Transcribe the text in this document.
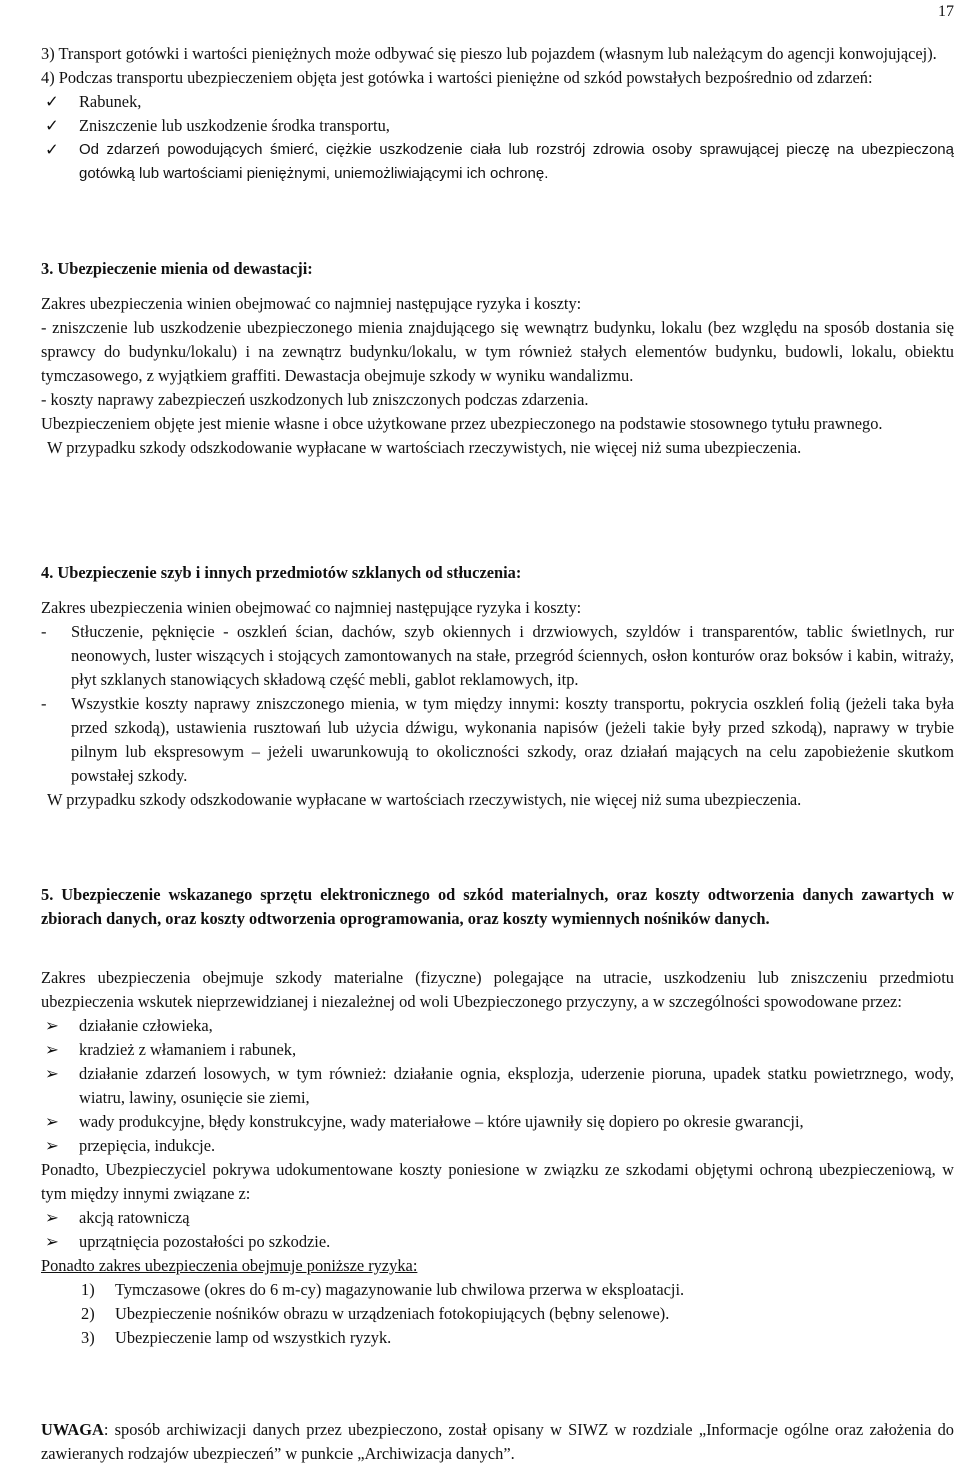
17

3) Transport gotówki i wartości pieniężnych może odbywać się pieszo lub pojazdem (własnym lub należącym do agencji konwojującej).

4) Podczas transportu ubezpieczeniem objęta jest gotówka i wartości pieniężne od szkód powstałych bezpośrednio od zdarzeń:

✓	Rabunek,
✓	Zniszczenie lub uszkodzenie środka transportu,
✓	Od zdarzeń powodujących śmierć, ciężkie uszkodzenie ciała lub rozstrój zdrowia osoby sprawującej pieczę na ubezpieczoną gotówką lub wartościami pieniężnymi, uniemożliwiającymi ich ochronę.

3. Ubezpieczenie mienia od dewastacji:

Zakres ubezpieczenia winien obejmować co najmniej następujące ryzyka i koszty:

- zniszczenie lub uszkodzenie ubezpieczonego mienia znajdującego się wewnątrz budynku, lokalu (bez względu na sposób dostania się sprawcy do budynku/lokalu) i na zewnątrz budynku/lokalu, w tym również stałych elementów budynku, budowli, lokalu, obiektu tymczasowego, z wyjątkiem graffiti. Dewastacja obejmuje szkody w wyniku wandalizmu.

- koszty naprawy zabezpieczeń uszkodzonych lub zniszczonych podczas zdarzenia.

Ubezpieczeniem objęte jest mienie własne i obce użytkowane przez ubezpieczonego na podstawie stosownego tytułu prawnego.

W przypadku szkody odszkodowanie wypłacane w wartościach rzeczywistych, nie więcej niż suma ubezpieczenia.

4. Ubezpieczenie szyb i innych przedmiotów szklanych od stłuczenia:

Zakres ubezpieczenia winien obejmować co najmniej następujące ryzyka i koszty:

-	Stłuczenie, pęknięcie - oszkleń ścian, dachów, szyb okiennych i drzwiowych, szyldów i transparentów, tablic świetlnych, rur neonowych, luster wiszących i stojących zamontowanych na stałe, przegród ściennych, osłon konturów oraz boksów i kabin, witraży, płyt szklanych stanowiących składową część mebli, gablot reklamowych, itp.
-	Wszystkie koszty naprawy zniszczonego mienia, w tym między innymi: koszty transportu, pokrycia oszkleń folią (jeżeli taka była przed szkodą), ustawienia rusztowań lub użycia dźwigu, wykonania napisów (jeżeli takie były przed szkodą), naprawy w trybie pilnym lub ekspresowym – jeżeli uwarunkowują to okoliczności szkody, oraz działań mających na celu zapobieżenie skutkom powstałej szkody.

W przypadku szkody odszkodowanie wypłacane w wartościach rzeczywistych, nie więcej niż suma ubezpieczenia.

5. Ubezpieczenie wskazanego sprzętu elektronicznego od szkód materialnych, oraz koszty odtworzenia danych zawartych w zbiorach danych, oraz koszty odtworzenia oprogramowania, oraz koszty wymiennych nośników danych.

Zakres ubezpieczenia obejmuje szkody materialne (fizyczne) polegające na utracie, uszkodzeniu lub zniszczeniu przedmiotu ubezpieczenia wskutek nieprzewidzianej i niezależnej od woli Ubezpieczonego przyczyny, a w szczególności spowodowane przez:

➢	działanie człowieka,
➢	kradzież z włamaniem i rabunek,
➢	działanie zdarzeń losowych, w tym również: działanie ognia, eksplozja, uderzenie pioruna, upadek statku powietrznego, wody, wiatru, lawiny, osunięcie sie ziemi,
➢	wady produkcyjne, błędy konstrukcyjne, wady materiałowe – które ujawniły się dopiero po okresie gwarancji,
➢	przepięcia, indukcje.

Ponadto, Ubezpieczyciel pokrywa udokumentowane koszty poniesione w związku ze szkodami objętymi ochroną ubezpieczeniową, w tym między innymi związane z:

➢	akcją ratowniczą
➢	uprzątnięcia pozostałości po szkodzie.

Ponadto zakres ubezpieczenia obejmuje poniższe ryzyka:

1)	Tymczasowe (okres do 6 m-cy) magazynowanie lub chwilowa przerwa w eksploatacji.
2)	Ubezpieczenie nośników obrazu w urządzeniach fotokopiujących (bębny selenowe).
3)	Ubezpieczenie lamp od wszystkich ryzyk.

UWAGA: sposób archiwizacji danych przez ubezpieczono, został opisany w SIWZ w rozdziale „Informacje ogólne oraz założenia do zawieranych rodzajów ubezpieczeń” w punkcie „Archiwizacja danych”.
